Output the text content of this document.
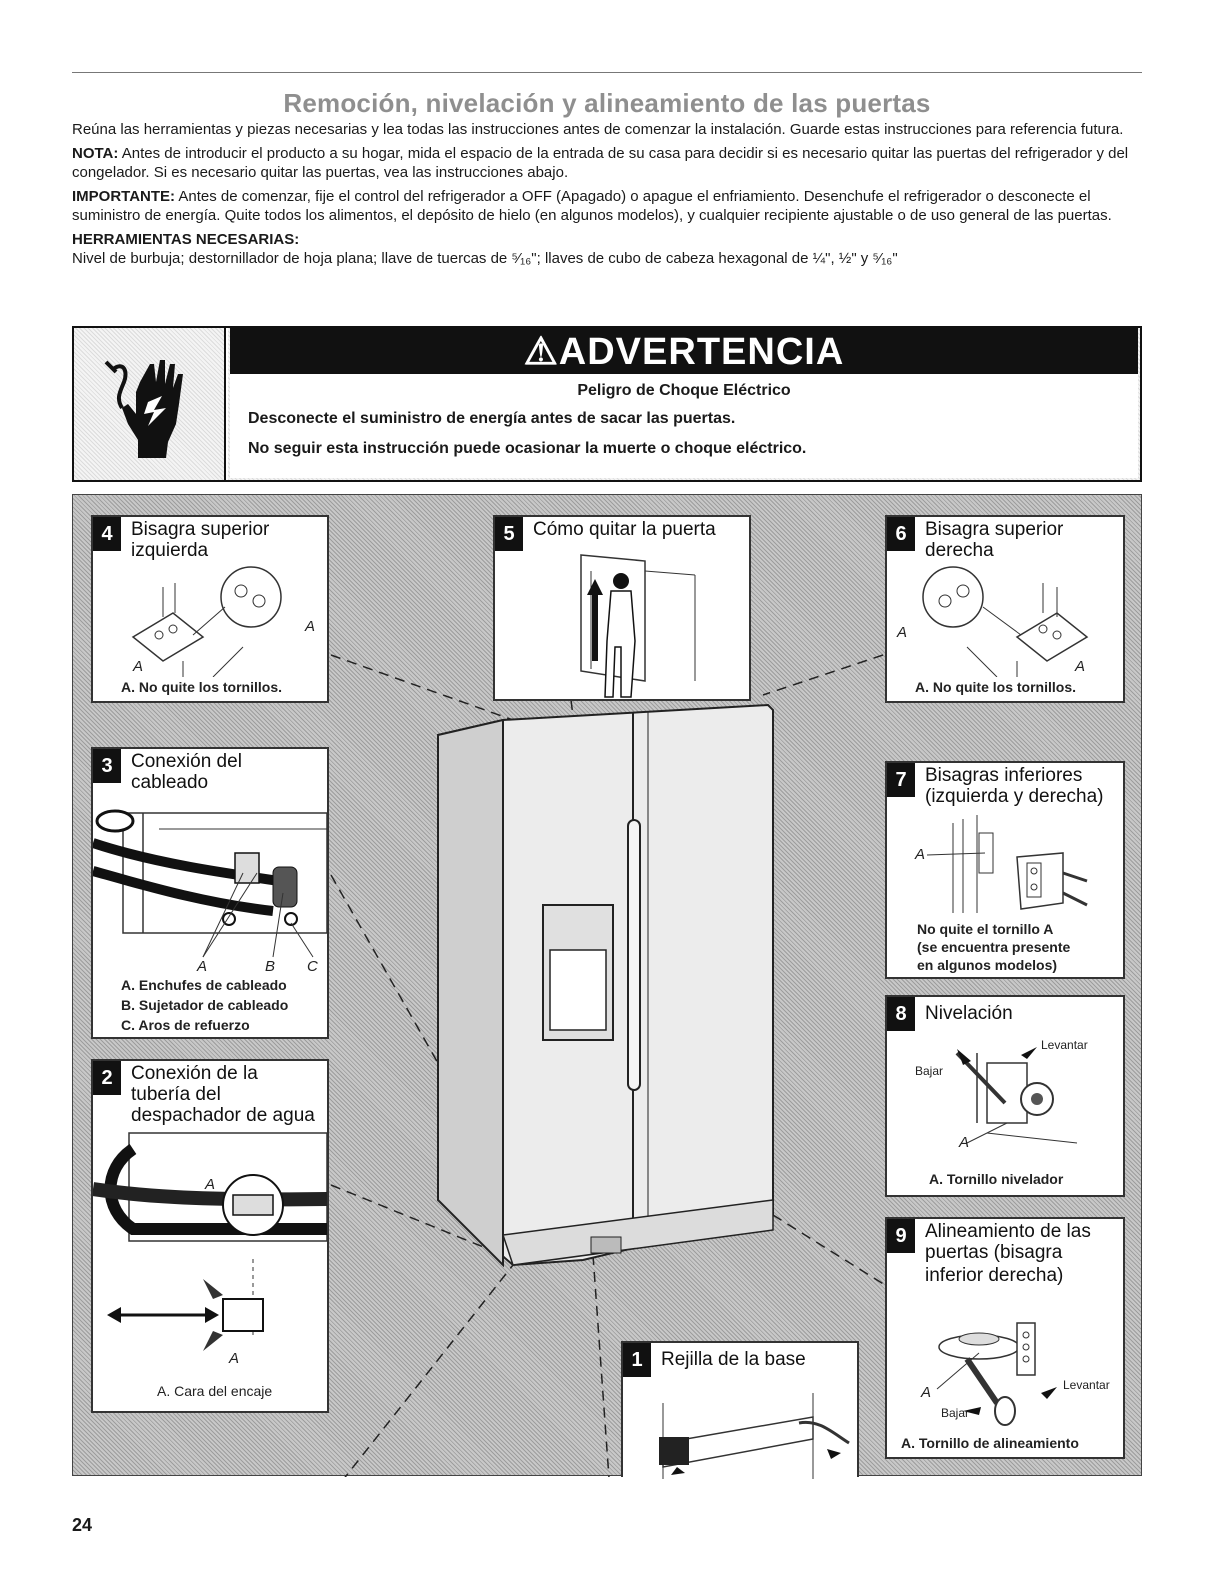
Remoción, nivelación y alineamiento de las puertas

Reúna las herramientas y piezas necesarias y lea todas las instrucciones antes de comenzar la instalación. Guarde estas instrucciones para referencia futura.

NOTA: Antes de introducir el producto a su hogar, mida el espacio de la entrada de su casa para decidir si es necesario quitar las puertas del refrigerador y del congelador. Si es necesario quitar las puertas, vea las instrucciones abajo.

IMPORTANTE: Antes de comenzar, fije el control del refrigerador a OFF (Apagado) o apague el enfriamiento. Desenchufe el refrigerador o desconecte el suministro de energía. Quite todos los alimentos, el depósito de hielo (en algunos modelos), y cualquier recipiente ajustable o de uso general de las puertas.

HERRAMIENTAS NECESARIAS:

Nivel de burbuja; destornillador de hoja plana; llave de tuercas de ⁵⁄₁₆"; llaves de cubo de cabeza hexagonal de ¼", ½" y ⁵⁄₁₆"

⚠ADVERTENCIA
Peligro de Choque Eléctrico
Desconecte el suministro de energía antes de sacar las puertas.
No seguir esta instrucción puede ocasionar la muerte o choque eléctrico.
4 Bisagra superior
izquierda
A
A
A. No quite los tornillos.
3 Conexión del
cableado
A	B C
A. Enchufes de cableado
B. Sujetador de cableado
C. Aros de refuerzo
2 Conexión de la
tubería del
despachador de agua
A
A
A. Cara del encaje
5 Cómo quitar la puerta	6 Bisagra superior
derecha
A
A
A. No quite los tornillos.
7 Bisagras inferiores
(izquierda y derecha)
A
No quite el tornillo A
(se encuentra presente
en algunos modelos)
8 Nivelación
Levantar
Bajar
A
A. Tornillo nivelador
9 Alineamiento de las
puertas (bisagra
inferior derecha)
Levantar
Bajar
A
A. Tornillo de alineamiento
1 Rejilla de la base
24
